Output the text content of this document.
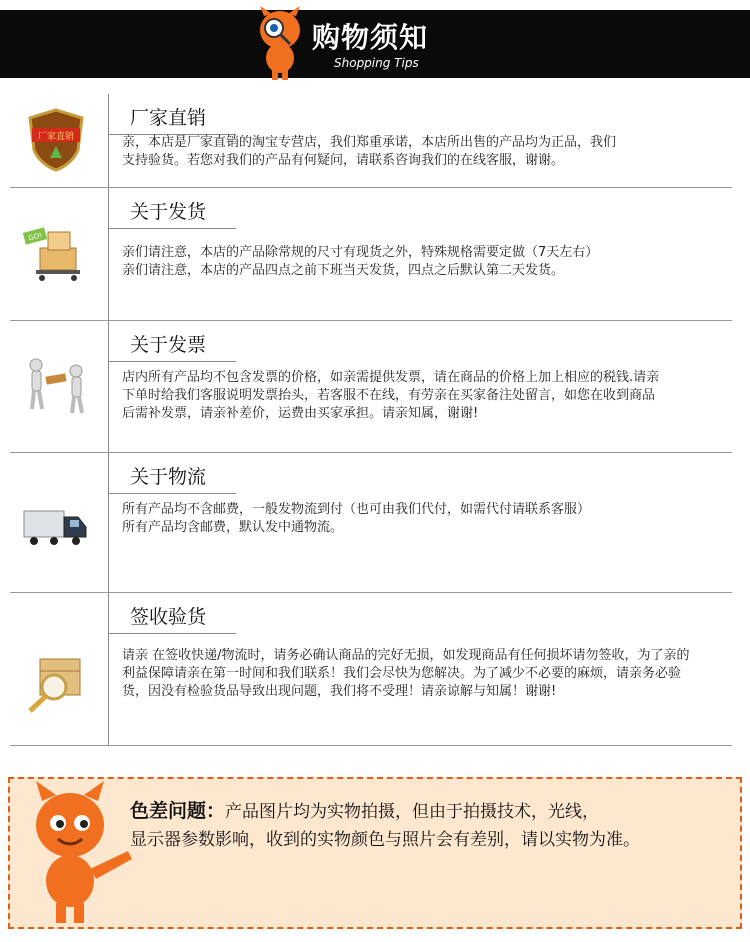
购物须知
Shopping Tips
厂家直销
厂家直销
亲，本店是厂家直销的淘宝专营店，我们郑重承诺，本店所出售的产品均为正品，我们
支持验货。若您对我们的产品有何疑问，请联系咨询我们的在线客服，谢谢。
GO!
关于发货
亲们请注意，本店的产品除常规的尺寸有现货之外，特殊规格需要定做（7天左右）
亲们请注意，本店的产品四点之前下班当天发货，四点之后默认第二天发货。
关于发票
店内所有产品均不包含发票的价格，如亲需提供发票，请在商品的价格上加上相应的税钱.请亲
下单时给我们客服说明发票抬头，若客服不在线，有劳亲在买家备注处留言，如您在收到商品
后需补发票，请亲补差价，运费由买家承担。请亲知属，谢谢!
关于物流
所有产品均不含邮费，一般发物流到付（也可由我们代付，如需代付请联系客服）
所有产品均含邮费，默认发中通物流。
签收验货
请亲 在签收快递/物流时，请务必确认商品的完好无损，如发现商品有任何损坏请勿签收，为了亲的
利益保障请亲在第一时间和我们联系！我们会尽快为您解决。为了减少不必要的麻烦，请亲务必验
货，因没有检验货品导致出现问题，我们将不受理！请亲谅解与知属！谢谢!
色差问题：产品图片均为实物拍摄，但由于拍摄技术，光线，
显示器参数影响，收到的实物颜色与照片会有差别，请以实物为准。
